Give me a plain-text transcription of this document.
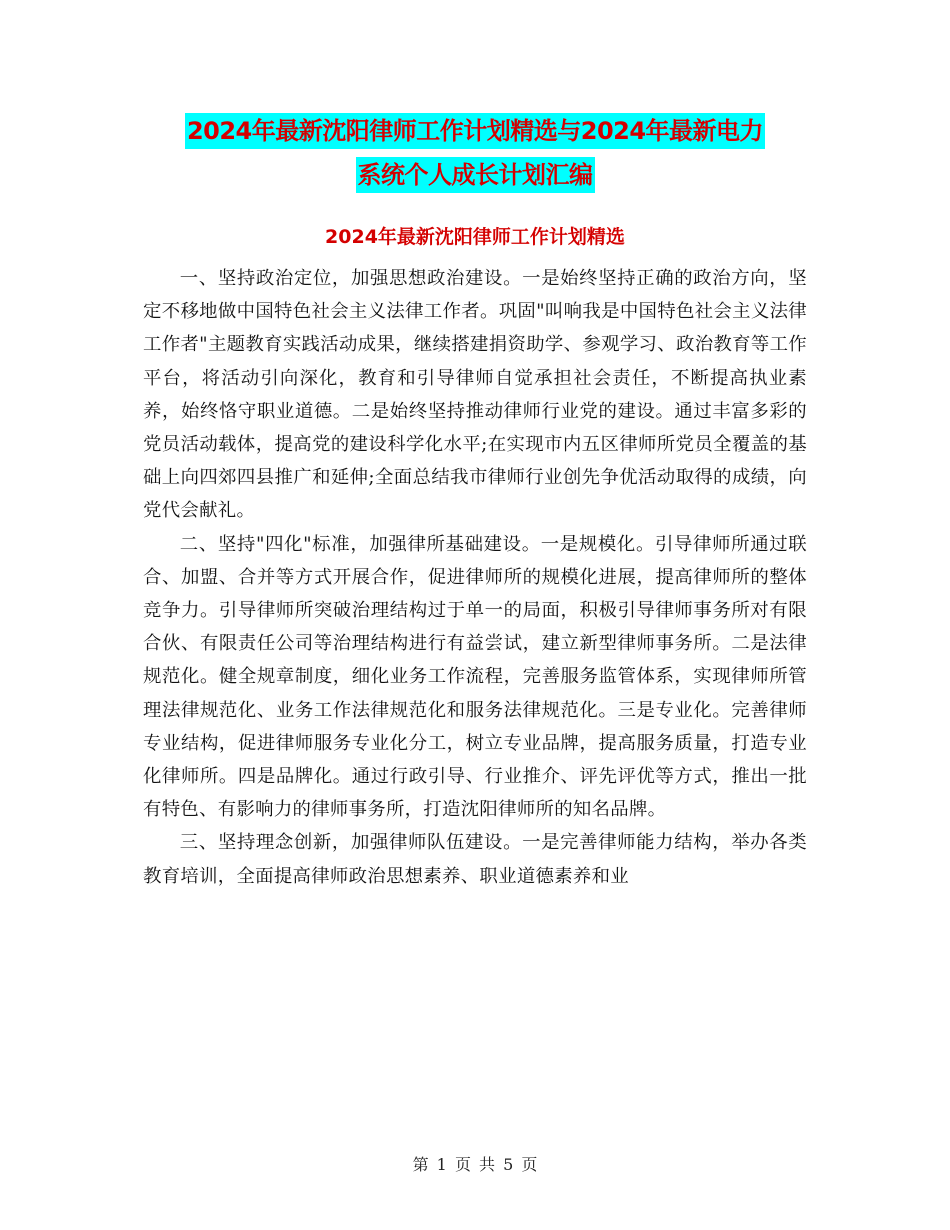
2024年最新沈阳律师工作计划精选与2024年最新电力
系统个人成长计划汇编
2024年最新沈阳律师工作计划精选

一、坚持政治定位，加强思想政治建设。一是始终坚持正确的政治方向，坚定不移地做中国特色社会主义法律工作者。巩固"叫响我是中国特色社会主义法律工作者"主题教育实践活动成果，继续搭建捐资助学、参观学习、政治教育等工作平台，将活动引向深化，教育和引导律师自觉承担社会责任，不断提高执业素养，始终恪守职业道德。二是始终坚持推动律师行业党的建设。通过丰富多彩的党员活动载体，提高党的建设科学化水平;在实现市内五区律师所党员全覆盖的基础上向四郊四县推广和延伸;全面总结我市律师行业创先争优活动取得的成绩，向党代会献礼。

二、坚持"四化"标准，加强律所基础建设。一是规模化。引导律师所通过联合、加盟、合并等方式开展合作，促进律师所的规模化进展，提高律师所的整体竞争力。引导律师所突破治理结构过于单一的局面，积极引导律师事务所对有限合伙、有限责任公司等治理结构进行有益尝试，建立新型律师事务所。二是法律规范化。健全规章制度，细化业务工作流程，完善服务监管体系，实现律师所管理法律规范化、业务工作法律规范化和服务法律规范化。三是专业化。完善律师专业结构，促进律师服务专业化分工，树立专业品牌，提高服务质量，打造专业化律师所。四是品牌化。通过行政引导、行业推介、评先评优等方式，推出一批有特色、有影响力的律师事务所，打造沈阳律师所的知名品牌。

三、坚持理念创新，加强律师队伍建设。一是完善律师能力结构，举办各类教育培训，全面提高律师政治思想素养、职业道德素养和业

第 1 页 共 5 页
